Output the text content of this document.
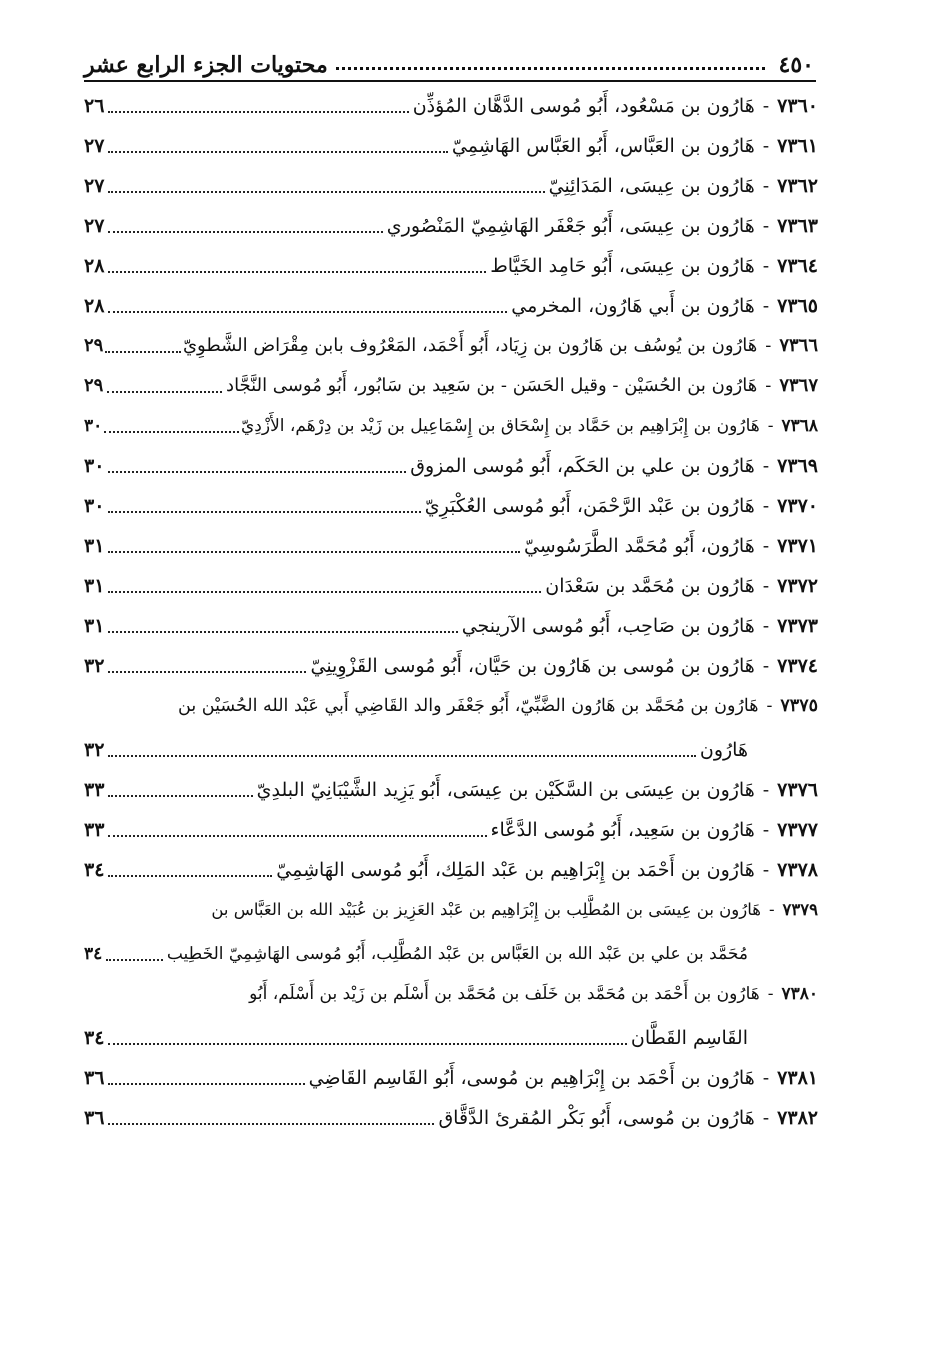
٤٥٠
محتويات الجزء الرابع عشر
٧٣٦٠
-
هَارُون بن مَسْعُود، أَبُو مُوسى الدَّهَّان المُؤذِّن
٢٦
٧٣٦١
-
هَارُون بن العَبَّاس، أَبُو العَبَّاس الهَاشِمِيّ
٢٧
٧٣٦٢
-
هَارُون بن عِيسَى، المَدَائِنِيّ
٢٧
٧٣٦٣
-
هَارُون بن عِيسَى، أَبُو جَعْفَر الهَاشِمِيّ المَنْصُوري
٢٧
٧٣٦٤
-
هَارُون بن عِيسَى، أَبُو حَامِد الخَيَّاط
٢٨
٧٣٦٥
-
هَارُون بن أَبي هَارُون، المخرمي
٢٨
٧٣٦٦
-
هَارُون بن يُوسُف بن هَارُون بن زِيَاد، أَبُو أَحْمَد، المَعْرُوف بابن مِقْرَاض الشَّطوِيّ
٢٩
٧٣٦٧
-
هَارُون بن الحُسَيْن - وقيل الحَسَن - بن سَعِيد بن سَابُور، أَبُو مُوسى النَّجَّاد
٢٩
٧٣٦٨
-
هَارُون بن إِبْرَاهِيم بن حَمَّاد بن إِسْحَاق بن إِسْمَاعِيل بن زَيْد بن دِرْهَم، الأَزْدِيّ
٣٠
٧٣٦٩
-
هَارُون بن علي بن الحَكَم، أَبُو مُوسى المزوق
٣٠
٧٣٧٠
-
هَارُون بن عَبْد الرَّحْمَن، أَبُو مُوسى العُكْبَرِيّ
٣٠
٧٣٧١
-
هَارُون، أَبُو مُحَمَّد الطَّرَسُوسِيّ
٣١
٧٣٧٢
-
هَارُون بن مُحَمَّد بن سَعْدَان
٣١
٧٣٧٣
-
هَارُون بن صَاحِب، أَبُو مُوسى الآرينجي
٣١
٧٣٧٤
-
هَارُون بن مُوسى بن هَارُون بن حَيَّان، أَبُو مُوسى القَزْوِينِيّ
٣٢
٧٣٧٥
-
هَارُون بن مُحَمَّد بن هَارُون الضَّبِّيّ، أَبُو جَعْفَر والد القَاضِي أَبي عَبْد الله الحُسَيْن بن
هَارُون
٣٢
٧٣٧٦
-
هَارُون بن عِيسَى بن السَّكَيْن بن عِيسَى، أَبُو يَزِيد الشَّيْبَانِيّ البلدِيّ
٣٣
٧٣٧٧
-
هَارُون بن سَعِيد، أَبُو مُوسى الدَّعَّاء
٣٣
٧٣٧٨
-
هَارُون بن أَحْمَد بن إِبْرَاهِيم بن عَبْد المَلِك، أَبُو مُوسى الهَاشِمِيّ
٣٤
٧٣٧٩
-
هَارُون بن عِيسَى بن المُطَّلِب بن إِبْرَاهِيم بن عَبْد العَزِيز بن عُبَيْد الله بن العَبَّاس بن
مُحَمَّد بن علي بن عَبْد الله بن العَبَّاس بن عَبْد المُطَّلِب، أَبُو مُوسى الهَاشِمِيّ الخَطِيب
٣٤
٧٣٨٠
-
هَارُون بن أَحْمَد بن مُحَمَّد بن خَلَف بن مُحَمَّد بن أَسْلَم بن زَيْد بن أَسْلَم، أَبُو
القَاسِم القَطَّان
٣٤
٧٣٨١
-
هَارُون بن أَحْمَد بن إِبْرَاهِيم بن مُوسى، أَبُو القَاسِم القَاضِي
٣٦
٧٣٨٢
-
هَارُون بن مُوسى، أَبُو بَكْر المُقرئ الدَّقَّاق
٣٦
